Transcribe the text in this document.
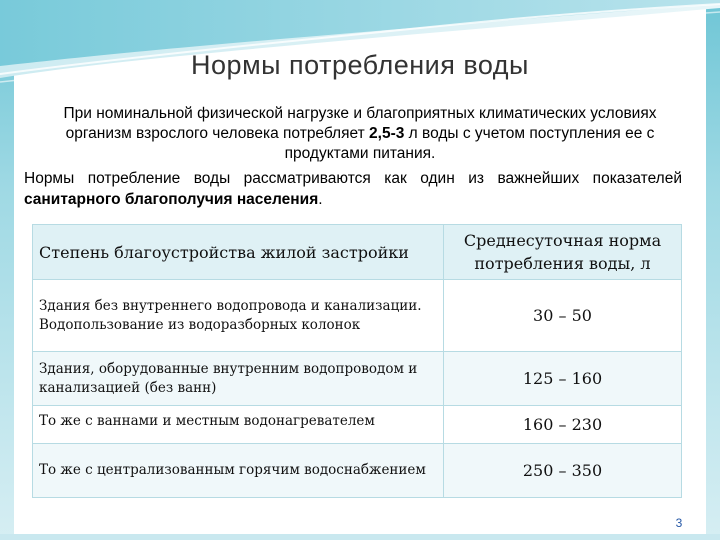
Нормы потребления воды
При номинальной физической нагрузке и благоприятных климатических условиях организм взрослого человека потребляет 2,5-3 л воды с учетом поступления ее с продуктами питания.
Нормы потребление воды рассматриваются как один из важнейших показателей санитарного благополучия населения.
Степень благоустройства жилой застройки	Среднесуточная норма потребления воды, л
Здания без внутреннего водопровода и канализации. Водопользование из водоразборных колонок	30 – 50
Здания, оборудованные внутренним водопроводом и канализацией (без ванн)	125 – 160
То же с ваннами и местным водонагревателем	160 – 230
То же с централизованным горячим водоснабжением	250 – 350
3
